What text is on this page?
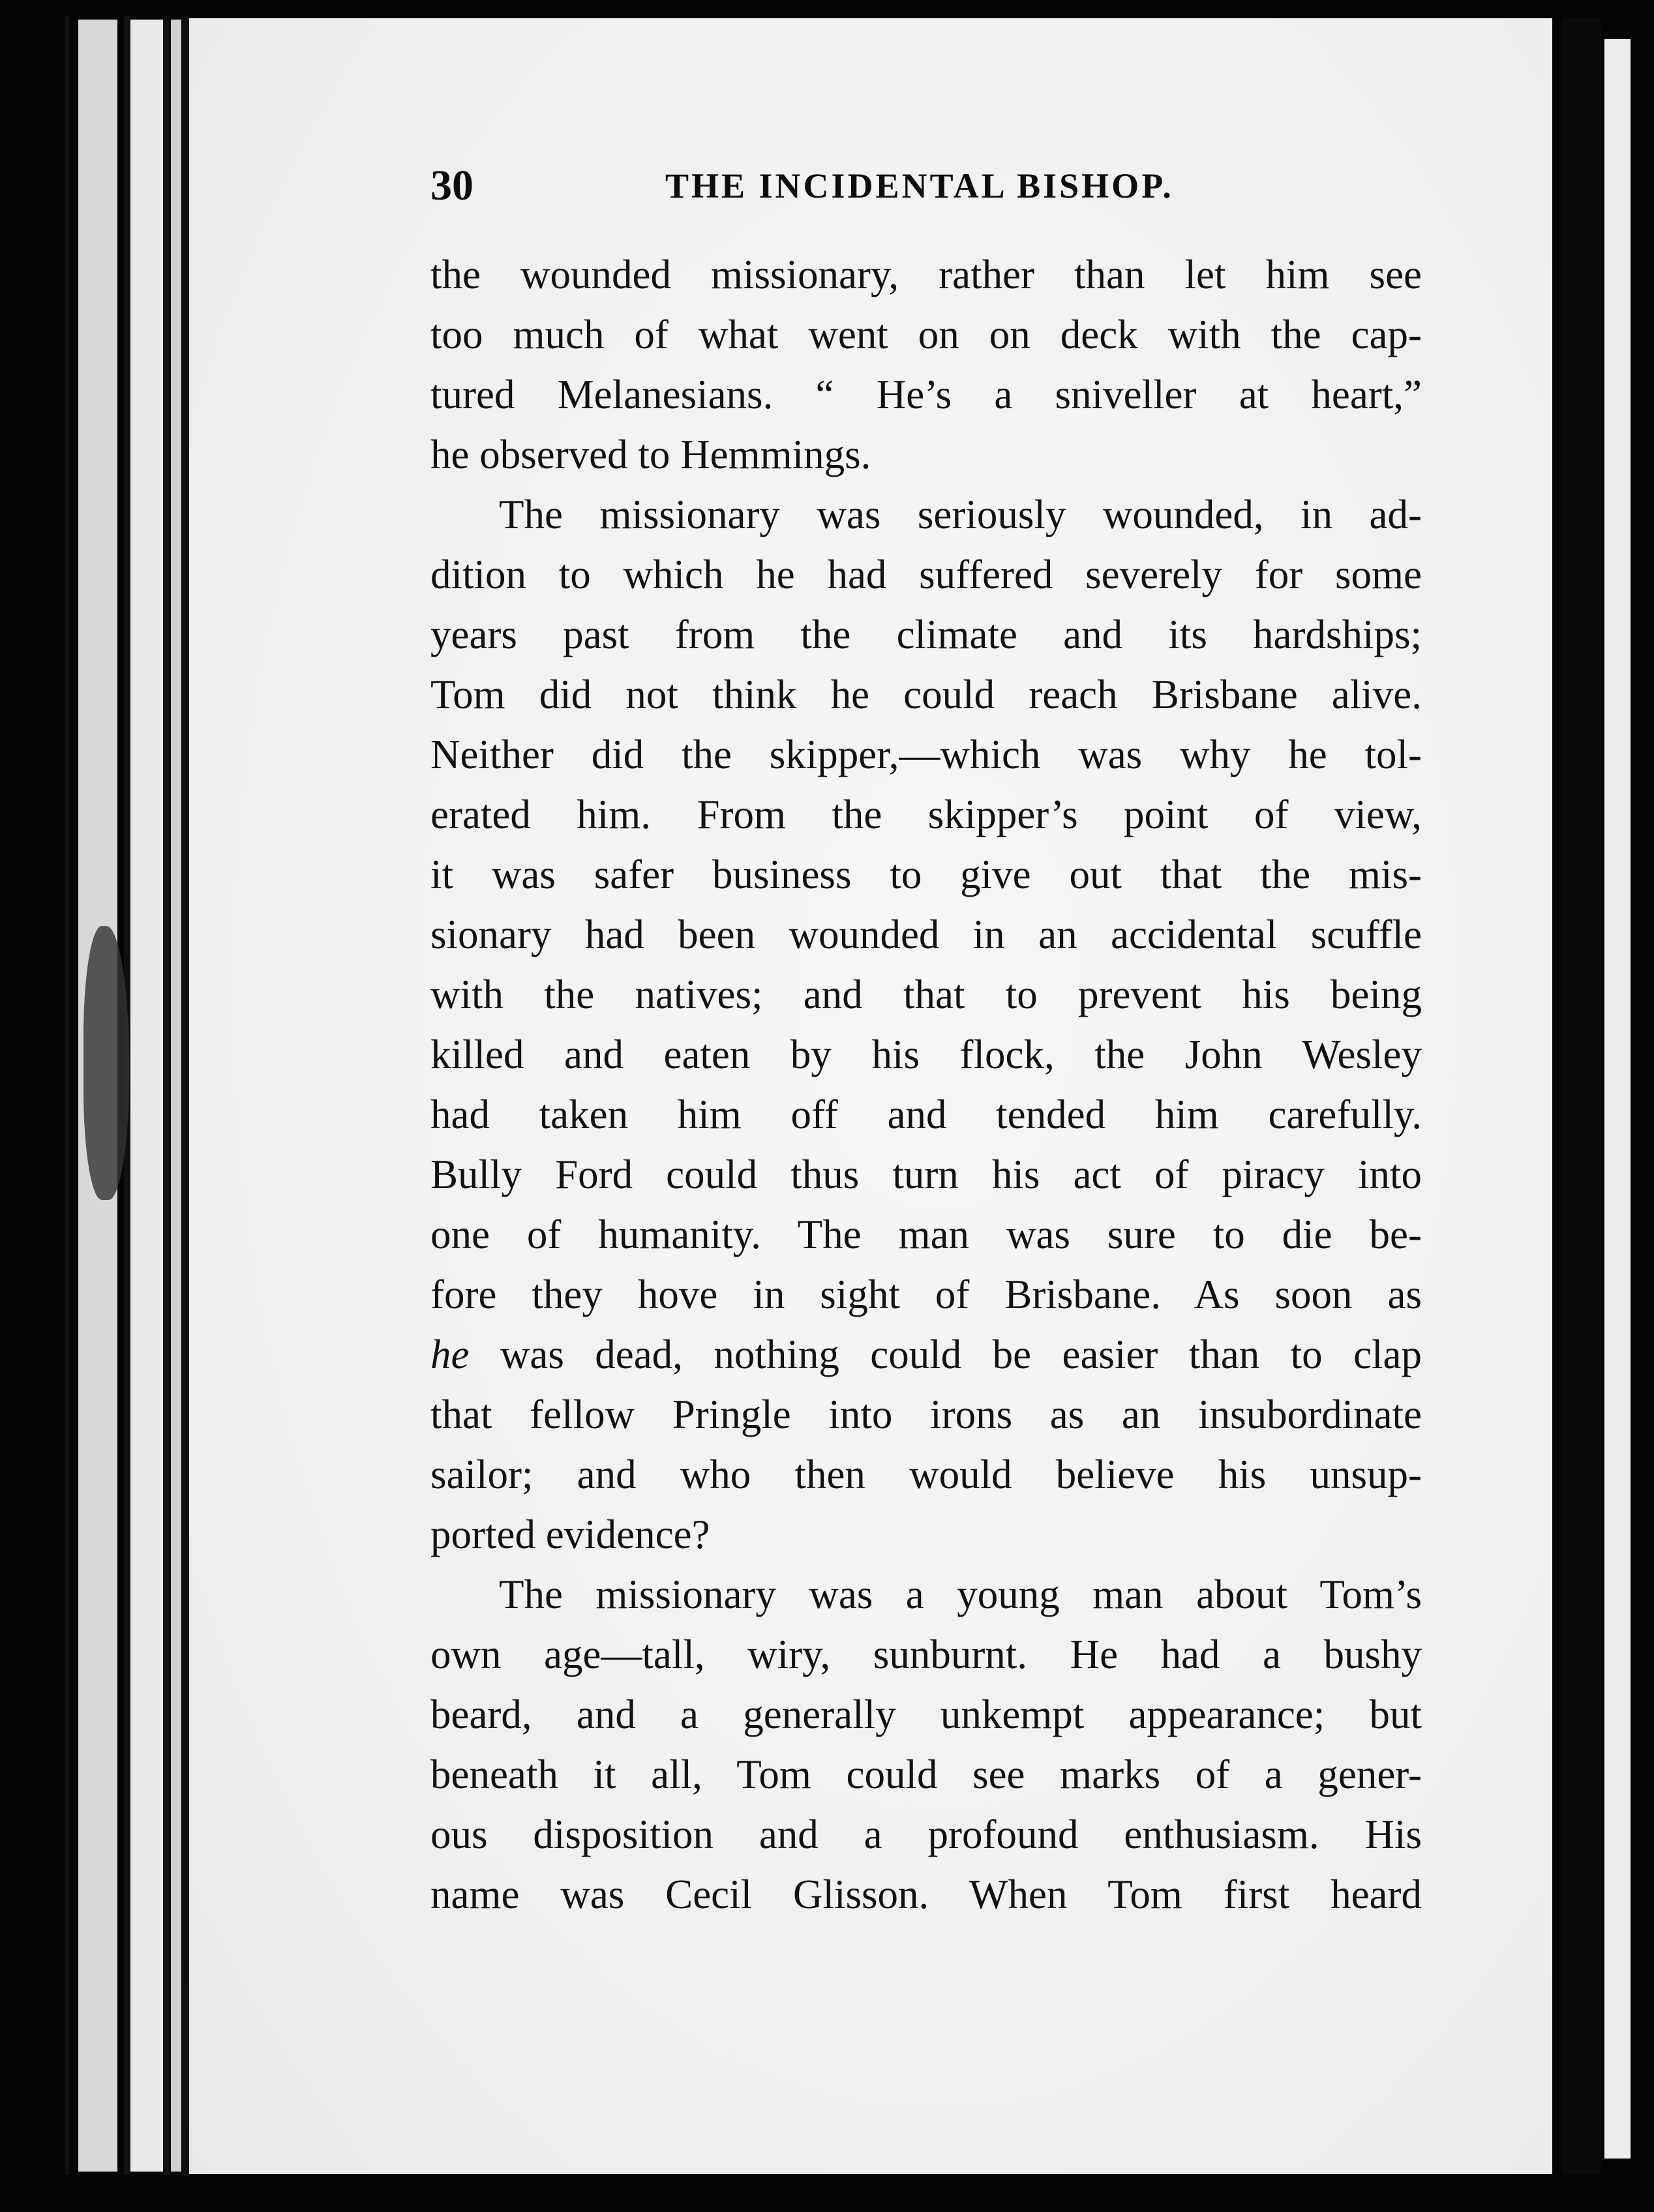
30	THE INCIDENTAL BISHOP.
the wounded missionary, rather than let him see
too much of what went on on deck with the cap-
tured Melanesians. “ He’s a sniveller at heart,”
he observed to Hemmings.
The missionary was seriously wounded, in ad-
dition to which he had suffered severely for some
years past from the climate and its hardships;
Tom did not think he could reach Brisbane alive.
Neither did the skipper,—which was why he tol-
erated him. From the skipper’s point of view,
it was safer business to give out that the mis-
sionary had been wounded in an accidental scuffle
with the natives; and that to prevent his being
killed and eaten by his flock, the John Wesley
had taken him off and tended him carefully.
Bully Ford could thus turn his act of piracy into
one of humanity. The man was sure to die be-
fore they hove in sight of Brisbane. As soon as
he was dead, nothing could be easier than to clap
that fellow Pringle into irons as an insubordinate
sailor; and who then would believe his unsup-
ported evidence?
The missionary was a young man about Tom’s
own age—tall, wiry, sunburnt. He had a bushy
beard, and a generally unkempt appearance; but
beneath it all, Tom could see marks of a gener-
ous disposition and a profound enthusiasm. His
name was Cecil Glisson. When Tom first heard
